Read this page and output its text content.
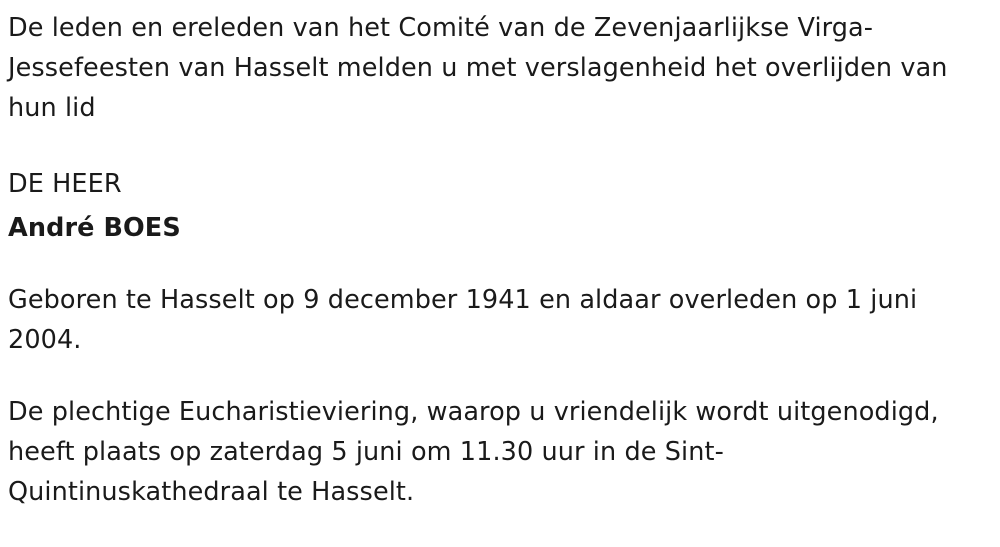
De leden en ereleden van het Comité van de Zevenjaarlijkse Virga-Jessefeesten van Hasselt melden u met verslagenheid het overlijden van hun lid

DE HEER

André BOES

Geboren te Hasselt op 9 december 1941 en aldaar overleden op 1 juni 2004.

De plechtige Eucharistieviering, waarop u vriendelijk wordt uitgenodigd, heeft plaats op zaterdag 5 juni om 11.30 uur in de Sint-Quintinuskathedraal te Hasselt.
